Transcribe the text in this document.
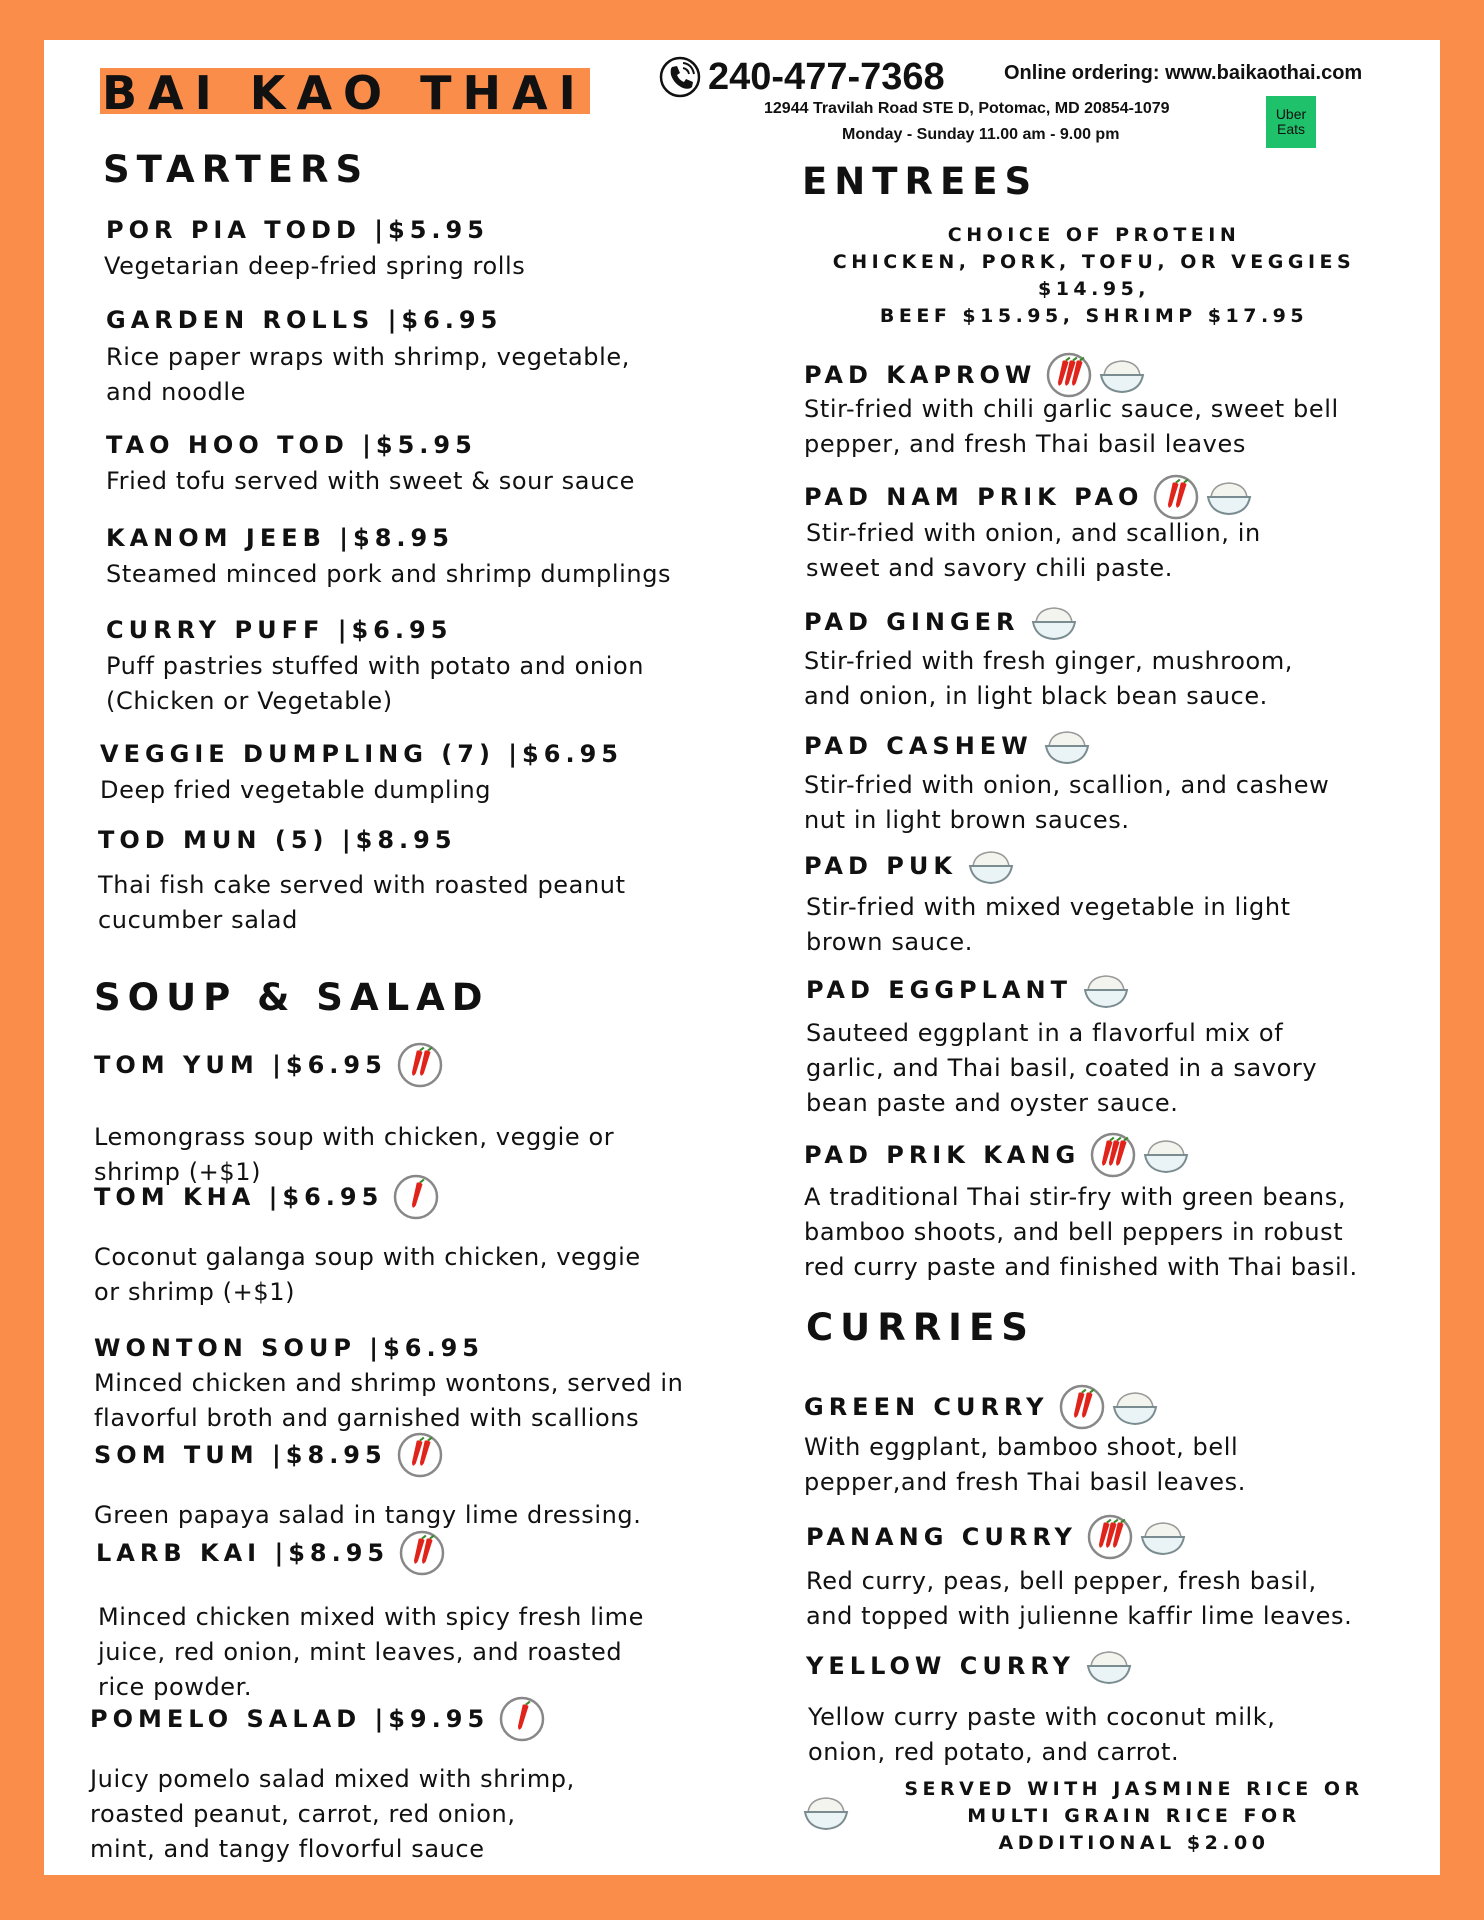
BAI KAO THAI	240-477-7368	Online ordering: www.baikaothai.com
12944 Travilah Road STE D, Potomac, MD 20854-1079
Monday - Sunday 11.00 am - 9.00 pm
Uber
Eats
STARTERS
POR PIA TODD |$5.95
Vegetarian deep-fried spring rolls
GARDEN ROLLS |$6.95
Rice paper wraps with shrimp, vegetable,
and noodle
TAO HOO TOD |$5.95
Fried tofu served with sweet & sour sauce
KANOM JEEB |$8.95
Steamed minced pork and shrimp dumplings
CURRY PUFF |$6.95
Puff pastries stuffed with potato and onion
(Chicken or Vegetable)
VEGGIE DUMPLING (7) |$6.95
Deep fried vegetable dumpling
TOD MUN (5) |$8.95
Thai fish cake served with roasted peanut
cucumber salad
SOUP & SALAD
TOM YUM |$6.95
Lemongrass soup with chicken, veggie or
shrimp (+$1)
TOM KHA |$6.95
Coconut galanga soup with chicken, veggie
or shrimp (+$1)
WONTON SOUP |$6.95
Minced chicken and shrimp wontons, served in
flavorful broth and garnished with scallions
SOM TUM |$8.95
Green papaya salad in tangy lime dressing.
LARB KAI |$8.95
Minced chicken mixed with spicy fresh lime
juice, red onion, mint leaves, and roasted
rice powder.
POMELO SALAD |$9.95
Juicy pomelo salad mixed with shrimp,
roasted peanut, carrot, red onion,
mint, and tangy flovorful sauce
ENTREES
CHOICE OF PROTEIN
CHICKEN, PORK, TOFU, OR VEGGIES
$14.95,
BEEF $15.95, SHRIMP $17.95
PAD KAPROW
Stir-fried with chili garlic sauce, sweet bell
pepper, and fresh Thai basil leaves
PAD NAM PRIK PAO
Stir-fried with onion, and scallion, in
sweet and savory chili paste.
PAD GINGER
Stir-fried with fresh ginger, mushroom,
and onion, in light black bean sauce.
PAD CASHEW
Stir-fried with onion, scallion, and cashew
nut in light brown sauces.
PAD PUK
Stir-fried with mixed vegetable in light
brown sauce.
PAD EGGPLANT
Sauteed eggplant in a flavorful mix of
garlic, and Thai basil, coated in a savory
bean paste and oyster sauce.
PAD PRIK KANG
A traditional Thai stir-fry with green beans,
bamboo shoots, and bell peppers in robust
red curry paste and finished with Thai basil.
CURRIES
GREEN CURRY
With eggplant, bamboo shoot, bell
pepper,and fresh Thai basil leaves.
PANANG CURRY
Red curry, peas, bell pepper, fresh basil,
and topped with julienne kaffir lime leaves.
YELLOW CURRY
Yellow curry paste with coconut milk,
onion, red potato, and carrot.
SERVED WITH JASMINE RICE OR
MULTI GRAIN RICE FOR
ADDITIONAL $2.00
